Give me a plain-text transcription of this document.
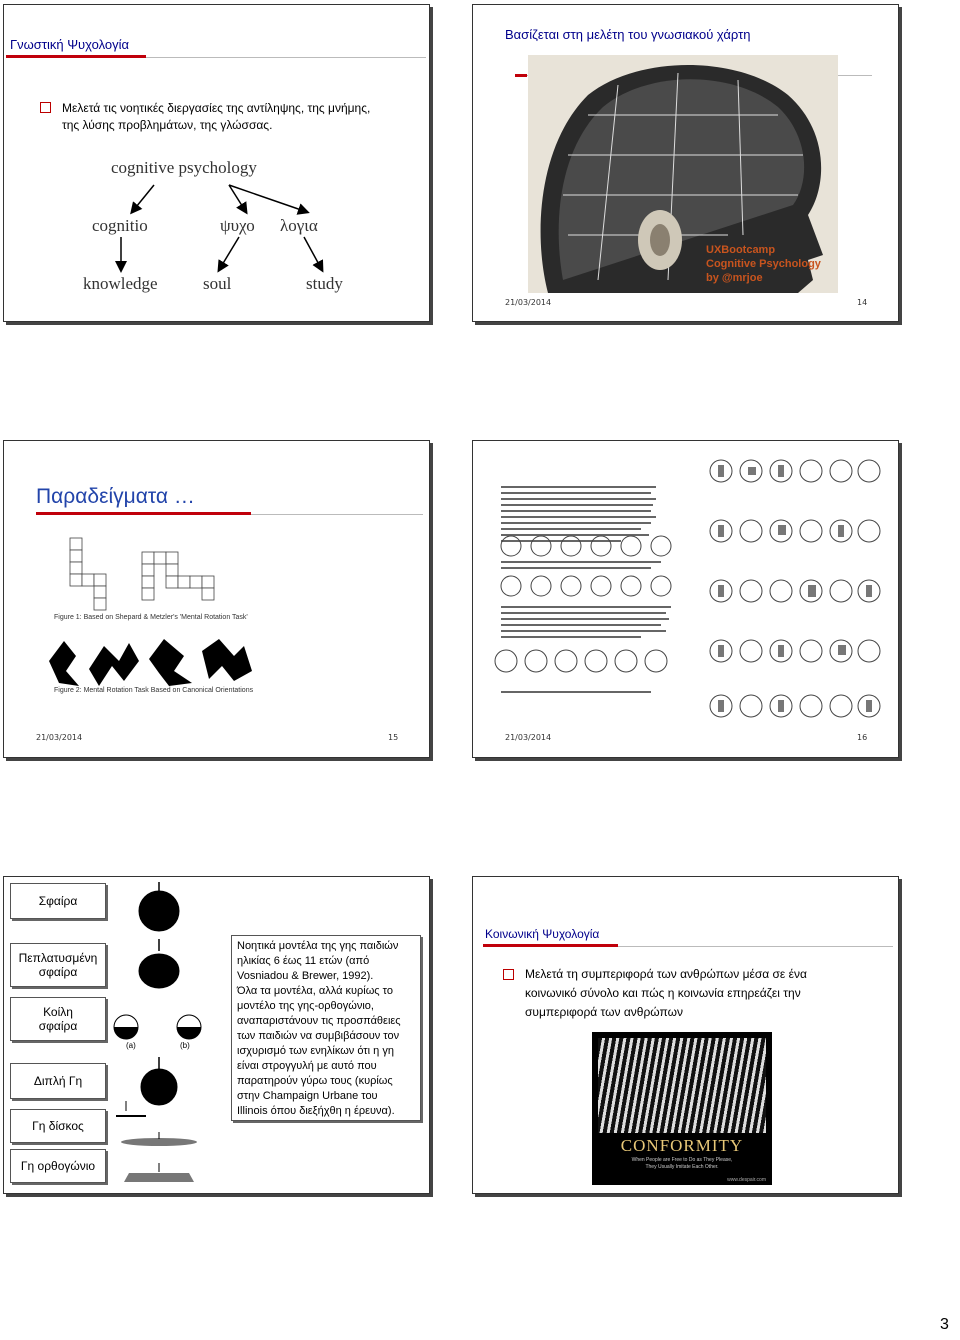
Γνωστική Ψυχολογία
Μελετά τις νοητικές διεργασίες της αντίληψης, της μνήμης,
της λύσης προβλημάτων, της γλώσσας.
cognitive psychology
cognitio	ψυχο λογια
knowledge	soul	study
Βασίζεται στη μελέτη του γνωσιακού χάρτη
UXBootcamp
Cognitive Psychology
by @mrjoe
21/03/2014	14
Παραδείγματα …
Figure 1: Based on Shepard & Metzler's 'Mental Rotation Task'
Figure 2: Mental Rotation Task Based on Canonical Orientations
21/03/2014	15	21/03/2014	16
Σφαίρα
Πεπλατυσμένη σφαίρα
Κοίλη σφαίρα
Διπλή Γη
Γη δίσκος
Γη ορθογώνιο
(a)	(b)
Νοητικά μοντέλα της γης παιδιών
ηλικίας 6 έως 11 ετών (από
Vosniadou & Brewer, 1992).
Όλα τα μοντέλα, αλλά κυρίως το
μοντέλο της γης-ορθογώνιο,
αναπαριστάνουν τις προσπάθειες
των παιδιών να συμβιβάσουν τον
ισχυρισμό των ενηλίκων ότι η γη
είναι στρογγυλή με αυτό που
παρατηρούν γύρω τους (κυρίως
στην Champaign Urbane του
Illinois όπου διεξήχθη η έρευνα).
Κοινωνική Ψυχολογία
Μελετά τη συμπεριφορά των ανθρώπων μέσα σε ένα
κοινωνικό σύνολο και πώς η κοινωνία επηρεάζει την
συμπεριφορά των ανθρώπων
CONFORMITY
When People are Free to Do as They Please,
They Usually Imitate Each Other.
www.despair.com
3
